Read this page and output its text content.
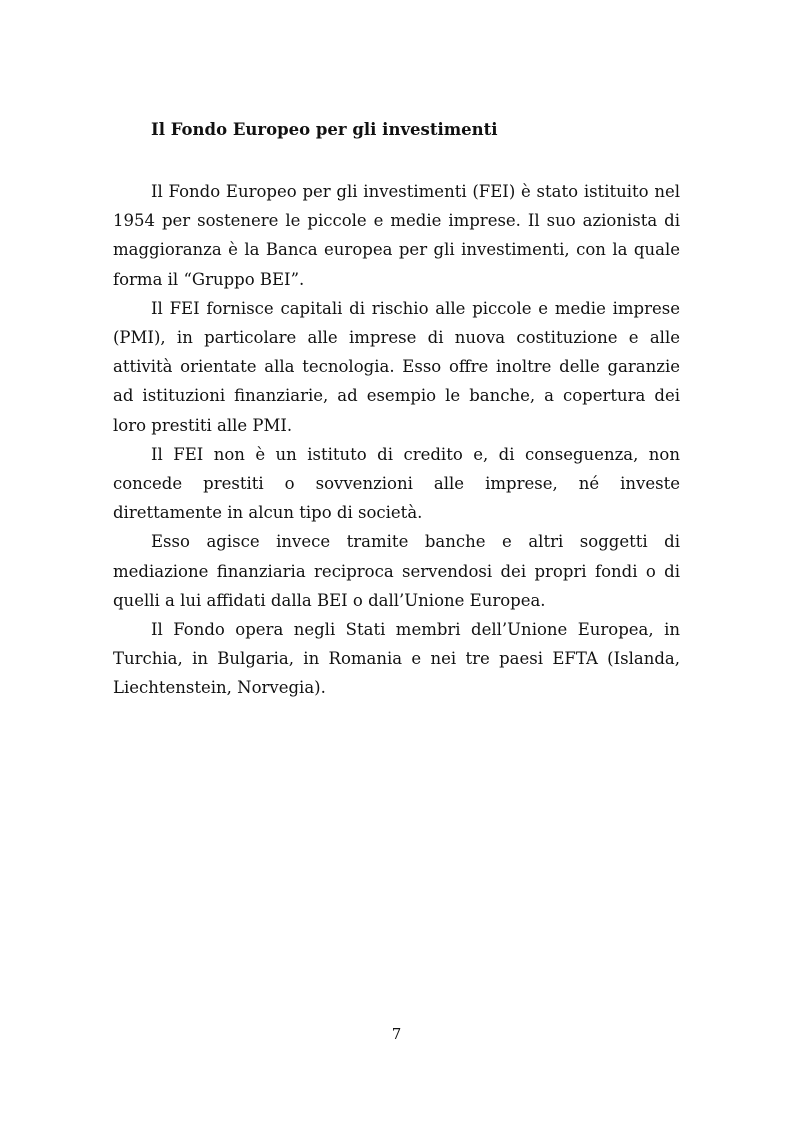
Il Fondo Europeo per gli investimenti

Il Fondo Europeo per gli investimenti (FEI) è stato istituito nel 1954 per sostenere le piccole e medie imprese. Il suo azionista di maggioranza è la Banca europea per gli investimenti, con la quale forma il “Gruppo BEI”.

Il FEI fornisce capitali di rischio alle piccole e medie imprese (PMI), in particolare alle imprese di nuova costituzione e alle attività orientate alla tecnologia. Esso offre inoltre delle garanzie ad istituzioni finanziarie, ad esempio le banche, a copertura dei loro prestiti alle PMI.

Il FEI non è un istituto di credito e, di conseguenza, non concede prestiti o sovvenzioni alle imprese, né investe direttamente in alcun tipo di società.

Esso agisce invece tramite banche e altri soggetti di mediazione finanziaria reciproca servendosi dei propri fondi o di quelli a lui affidati dalla BEI o dall’Unione Europea.

Il Fondo opera negli Stati membri dell’Unione Europea, in Turchia, in Bulgaria, in Romania e nei tre paesi EFTA (Islanda, Liechtenstein, Norvegia).

7
